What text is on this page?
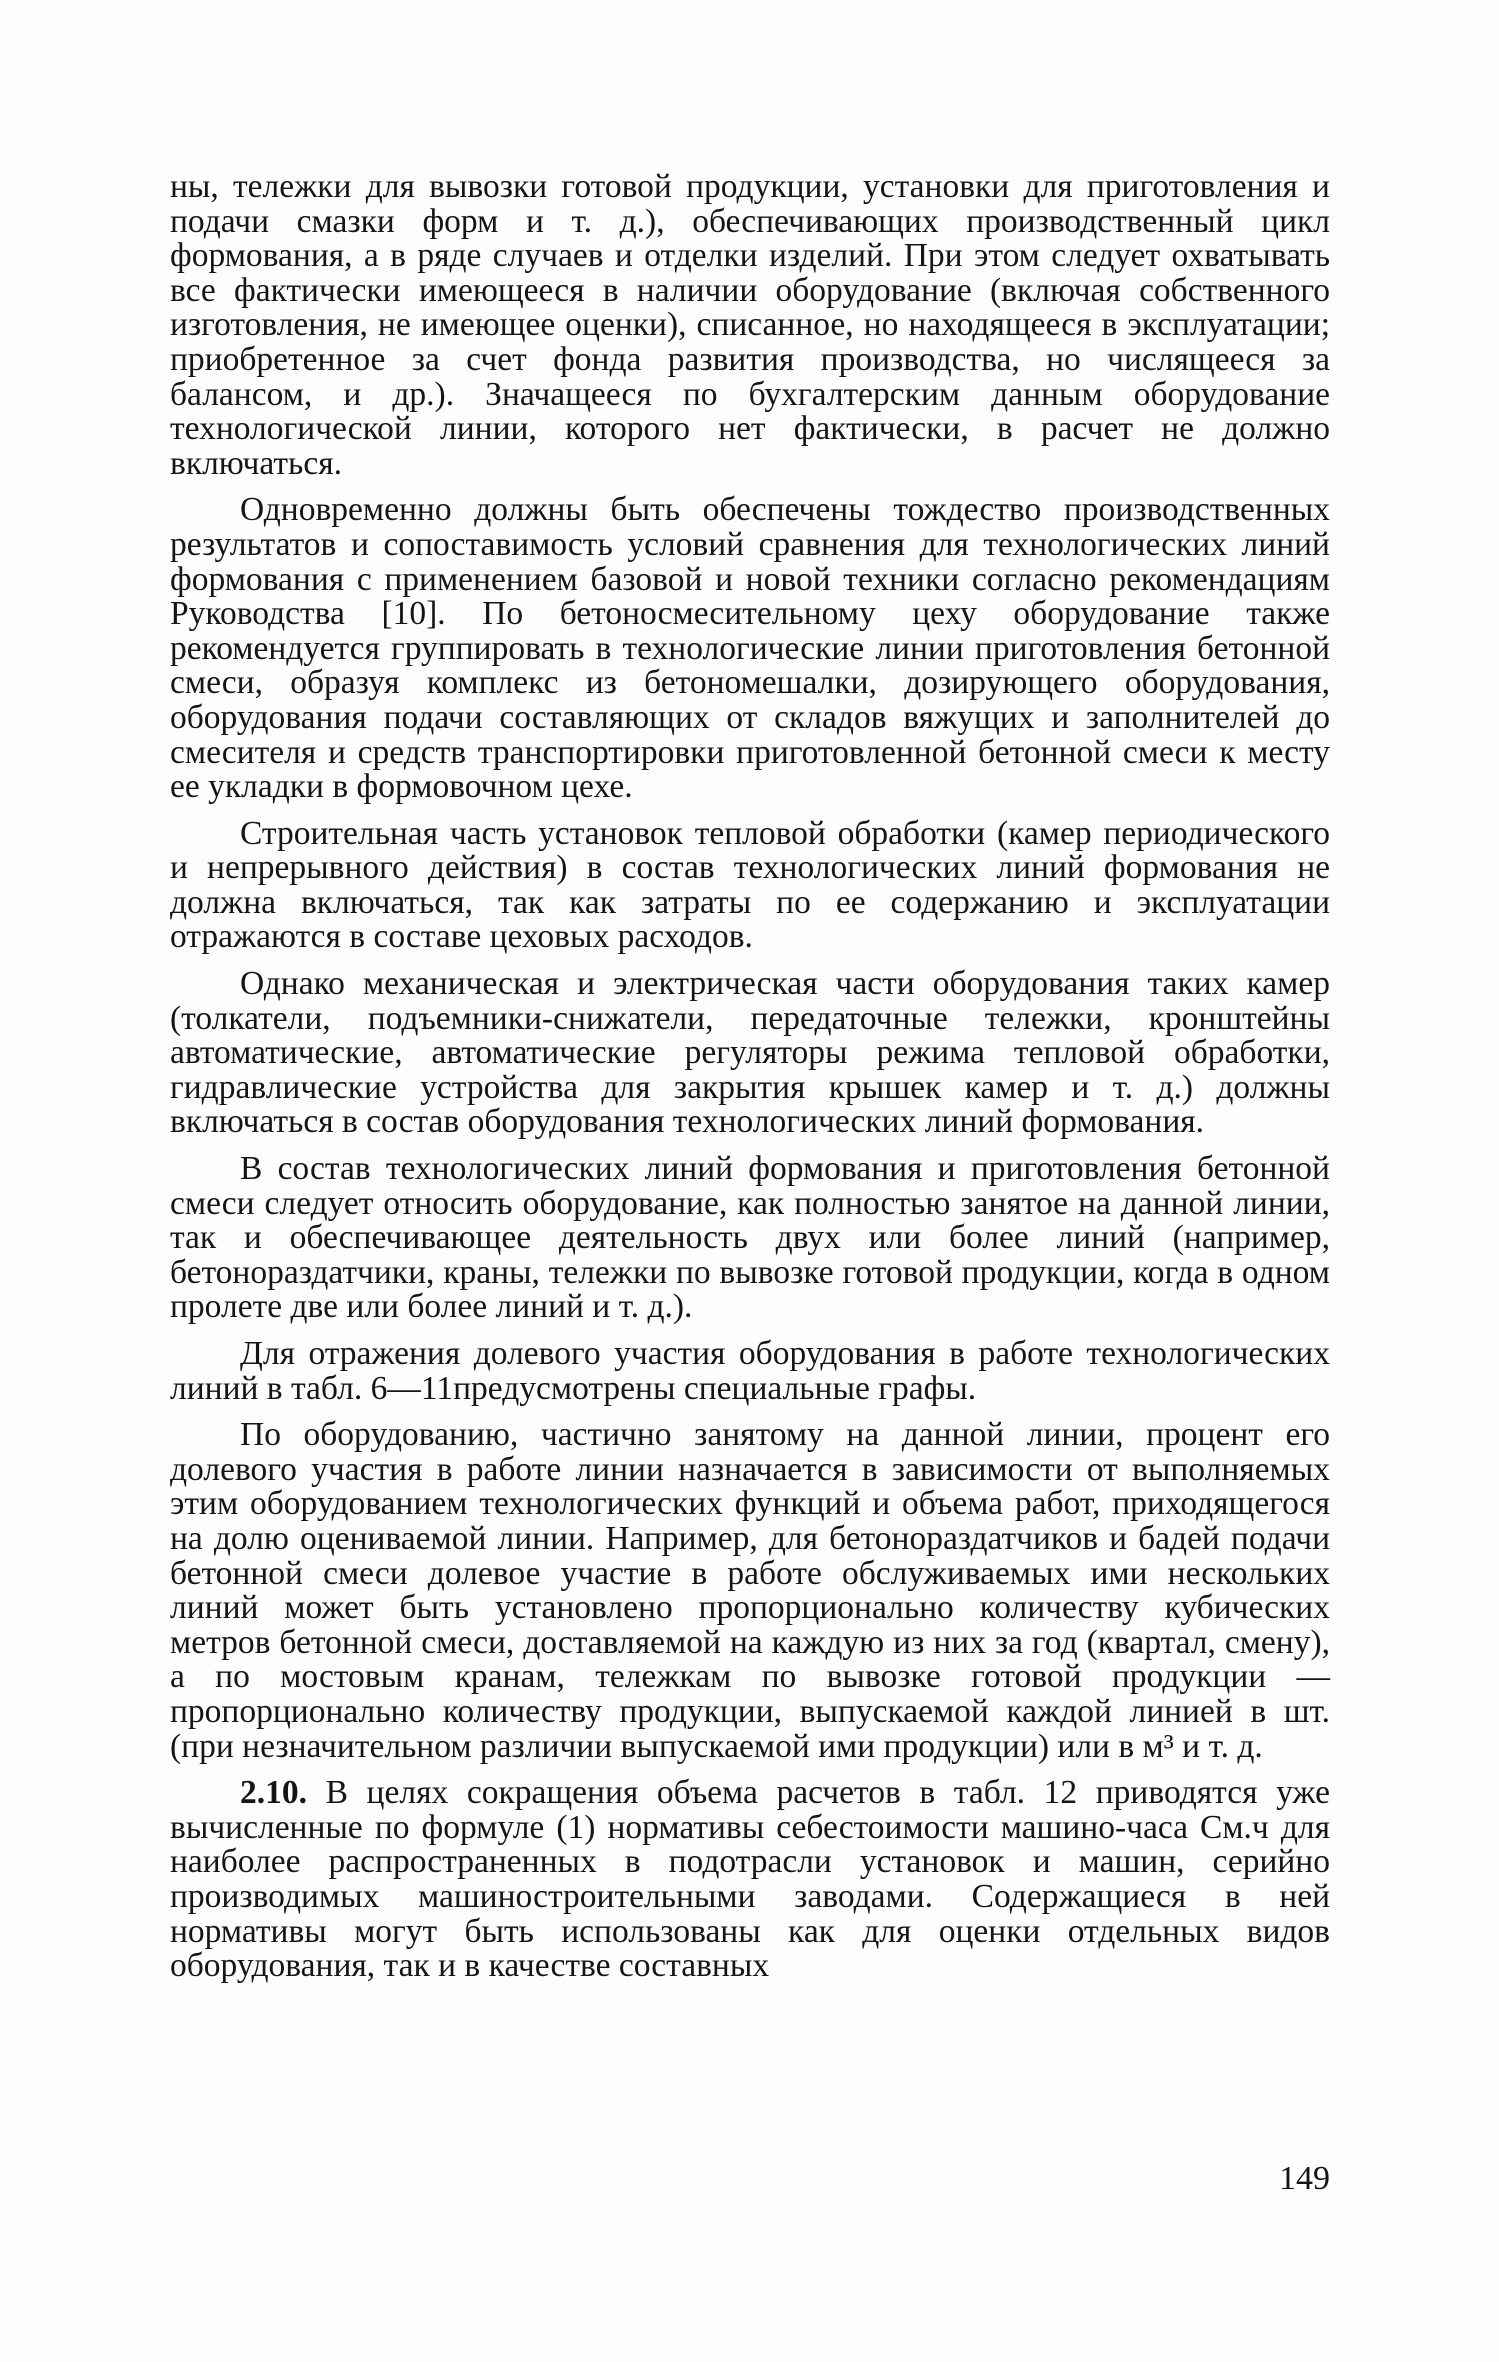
ны, тележки для вывозки готовой продукции, установки для приготовления и подачи смазки форм и т. д.), обеспечивающих производственный цикл формования, а в ряде случаев и отделки изделий. При этом следует охватывать все фактически имеющееся в наличии оборудование (включая собственного изготовления, не имеющее оценки), списанное, но находящееся в эксплуатации; приобретенное за счет фонда развития производства, но числящееся за балансом, и др.). Значащееся по бухгалтерским данным оборудование технологической линии, которого нет фактически, в расчет не должно включаться.

Одновременно должны быть обеспечены тождество производственных результатов и сопоставимость условий сравнения для технологических линий формования с применением базовой и новой техники согласно рекомендациям Руководства [10]. По бетоносмесительному цеху оборудование также рекомендуется группировать в технологические линии приготовления бетонной смеси, образуя комплекс из бетономешалки, дозирующего оборудования, оборудования подачи составляющих от складов вяжущих и заполнителей до смесителя и средств транспортировки приготовленной бетонной смеси к месту ее укладки в формовочном цехе.

Строительная часть установок тепловой обработки (камер периодического и непрерывного действия) в состав технологических линий формования не должна включаться, так как затраты по ее содержанию и эксплуатации отражаются в составе цеховых расходов.

Однако механическая и электрическая части оборудования таких камер (толкатели, подъемники-снижатели, передаточные тележки, кронштейны автоматические, автоматические регуляторы режима тепловой обработки, гидравлические устройства для закрытия крышек камер и т. д.) должны включаться в состав оборудования технологических линий формования.

В состав технологических линий формования и приготовления бетонной смеси следует относить оборудование, как полностью занятое на данной линии, так и обеспечивающее деятельность двух или более линий (например, бетонораздатчики, краны, тележки по вывозке готовой продукции, когда в одном пролете две или более линий и т. д.).

Для отражения долевого участия оборудования в работе технологических линий в табл. 6—11предусмотрены специальные графы.

По оборудованию, частично занятому на данной линии, процент его долевого участия в работе линии назначается в зависимости от выполняемых этим оборудованием технологических функций и объема работ, приходящегося на долю оцениваемой линии. Например, для бетонораздатчиков и бадей подачи бетонной смеси долевое участие в работе обслуживаемых ими нескольких линий может быть установлено пропорционально количеству кубических метров бетонной смеси, доставляемой на каждую из них за год (квартал, смену), а по мостовым кранам, тележкам по вывозке готовой продукции — пропорционально количеству продукции, выпускаемой каждой линией в шт. (при незначительном различии выпускаемой ими продукции) или в м³ и т. д.

2.10. В целях сокращения объема расчетов в табл. 12 приводятся уже вычисленные по формуле (1) нормативы себестоимости машино-часа См.ч для наиболее распространенных в подотрасли установок и машин, серийно производимых машиностроительными заводами. Содержащиеся в ней нормативы могут быть использованы как для оценки отдельных видов оборудования, так и в качестве составных

149
